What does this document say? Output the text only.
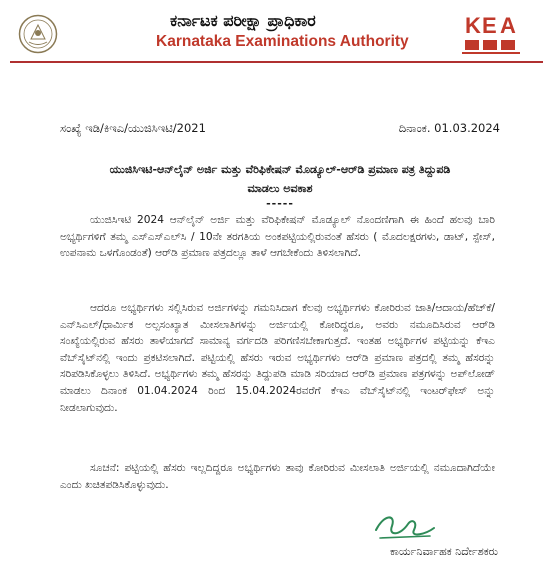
ಕರ್ನಾಟಕ ಪರೀಕ್ಷಾ ಪ್ರಾಧಿಕಾರ
Karnataka Examinations Authority
K E A
ಸಂಖ್ಯೆ ಇಡಿ/ಕಿಇಎ/ಯುಜಿಸಿಇಟಿ/2021	ದಿನಾಂಕ. 01.03.2024
ಯುಜಿಸಿಇಟಿ-ಆನ್‌ಲೈನ್ ಅರ್ಜಿ ಮತ್ತು ವೆರಿಫಿಕೇಷನ್ ಮೊಡ್ಯೂಲ್-ಆರ್‌ಡಿ ಪ್ರಮಾಣ ಪತ್ರ ತಿದ್ದುಪಡಿ
ಮಾಡಲು ಅವಕಾಶ
-----
ಯುಜಿಸಿಇಟಿ 2024 ಆನ್‌ಲೈನ್ ಅರ್ಜಿ ಮತ್ತು ವೆರಿಫಿಕೇಷನ್ ಮೊಡ್ಯೂಲ್ ನೊಂದಣಿಗಾಗಿ ಈ ಹಿಂದೆ ಹಲವು ಬಾರಿ ಅಭ್ಯರ್ಥಿಗಳಿಗೆ ತಮ್ಮ ಎಸ್‌ಎಸ್‌ಎಲ್‌ಸಿ / 10ನೇ ತರಗತಿಯ ಅಂಕಪಟ್ಟಿಯಲ್ಲಿರುವಂತೆ ಹೆಸರು ( ಮೊದಲಕ್ಷರಗಳು, ಡಾಟ್, ಸ್ಪೇಸ್, ಉಪನಾಮ ಒಳಗೊಂಡಂತೆ) ಆರ್‌ಡಿ ಪ್ರಮಾಣ ಪತ್ರದಲ್ಲೂ ತಾಳೆ ಆಗಬೇಕೆಂದು ತಿಳಿಸಲಾಗಿದೆ.
ಆದರೂ ಅಭ್ಯರ್ಥಿಗಳು ಸಲ್ಲಿಸಿರುವ ಅರ್ಜಿಗಳನ್ನು ಗಮನಿಸಿದಾಗ ಕೆಲವು ಅಭ್ಯರ್ಥಿಗಳು ಕೋರಿರುವ ಜಾತಿ/ಆದಾಯ/ಹೆಚ್‌ಕೆ/ಎನ್‌ಸಿಎಲ್/ಧಾರ್ಮಿಕ ಅಲ್ಪಸಂಖ್ಯಾತ ಮೀಸಲಾತಿಗಳನ್ನು ಅರ್ಜಿಯಲ್ಲಿ ಕೋರಿದ್ದರೂ, ಅವರು ನಮೂದಿಸಿರುವ ಆರ್‌ಡಿ ಸಂಖ್ಯೆಯಲ್ಲಿರುವ ಹೆಸರು ತಾಳೆಯಾಗದೆ ಸಾಮಾನ್ಯ ವರ್ಗದಡಿ ಪರಿಗಣಿಸಬೇಕಾಗುತ್ತದೆ. ಇಂತಹ ಅಭ್ಯರ್ಥಿಗಳ ಪಟ್ಟಿಯನ್ನು ಕೆಇಎ ವೆಬ್‌ಸೈಟ್‌ನಲ್ಲಿ ಇಂದು ಪ್ರಕಟಿಸಲಾಗಿದೆ. ಪಟ್ಟಿಯಲ್ಲಿ ಹೆಸರು ಇರುವ ಅಭ್ಯರ್ಥಿಗಳು ಆರ್‌ಡಿ ಪ್ರಮಾಣ ಪತ್ರದಲ್ಲಿ ತಮ್ಮ ಹೆಸರನ್ನು ಸರಿಪಡಿಸಿಕೊಳ್ಳಲು ತಿಳಿಸಿದೆ. ಅಭ್ಯರ್ಥಿಗಳು ತಮ್ಮ ಹೆಸರನ್ನು ತಿದ್ದುಪಡಿ ಮಾಡಿ ಸರಿಯಾದ ಆರ್‌ಡಿ ಪ್ರಮಾಣ ಪತ್ರಗಳನ್ನು ಅಪ್‌ಲೋಡ್ ಮಾಡಲು ದಿನಾಂಕ 01.04.2024 ರಿಂದ 15.04.2024ರವರೆಗೆ ಕೆಇಎ ವೆಬ್‌ಸೈಟ್‌ನಲ್ಲಿ ಇಂಟರ್‌ಫೇಸ್ ಅನ್ನು ನೀಡಲಾಗುವುದು.
ಸೂಚನೆ: ಪಟ್ಟಿಯಲ್ಲಿ ಹೆಸರು ಇಲ್ಲದಿದ್ದರೂ ಅಭ್ಯರ್ಥಿಗಳು ತಾವು ಕೋರಿರುವ ಮೀಸಲಾತಿ ಅರ್ಜಿಯಲ್ಲಿ ನಮೂದಾಗಿದೆಯೇ ಎಂದು ಖಚಿತಪಡಿಸಿಕೊಳ್ಳುವುದು.
ಕಾರ್ಯನಿರ್ವಾಹಕ ನಿರ್ದೇಶಕರು
